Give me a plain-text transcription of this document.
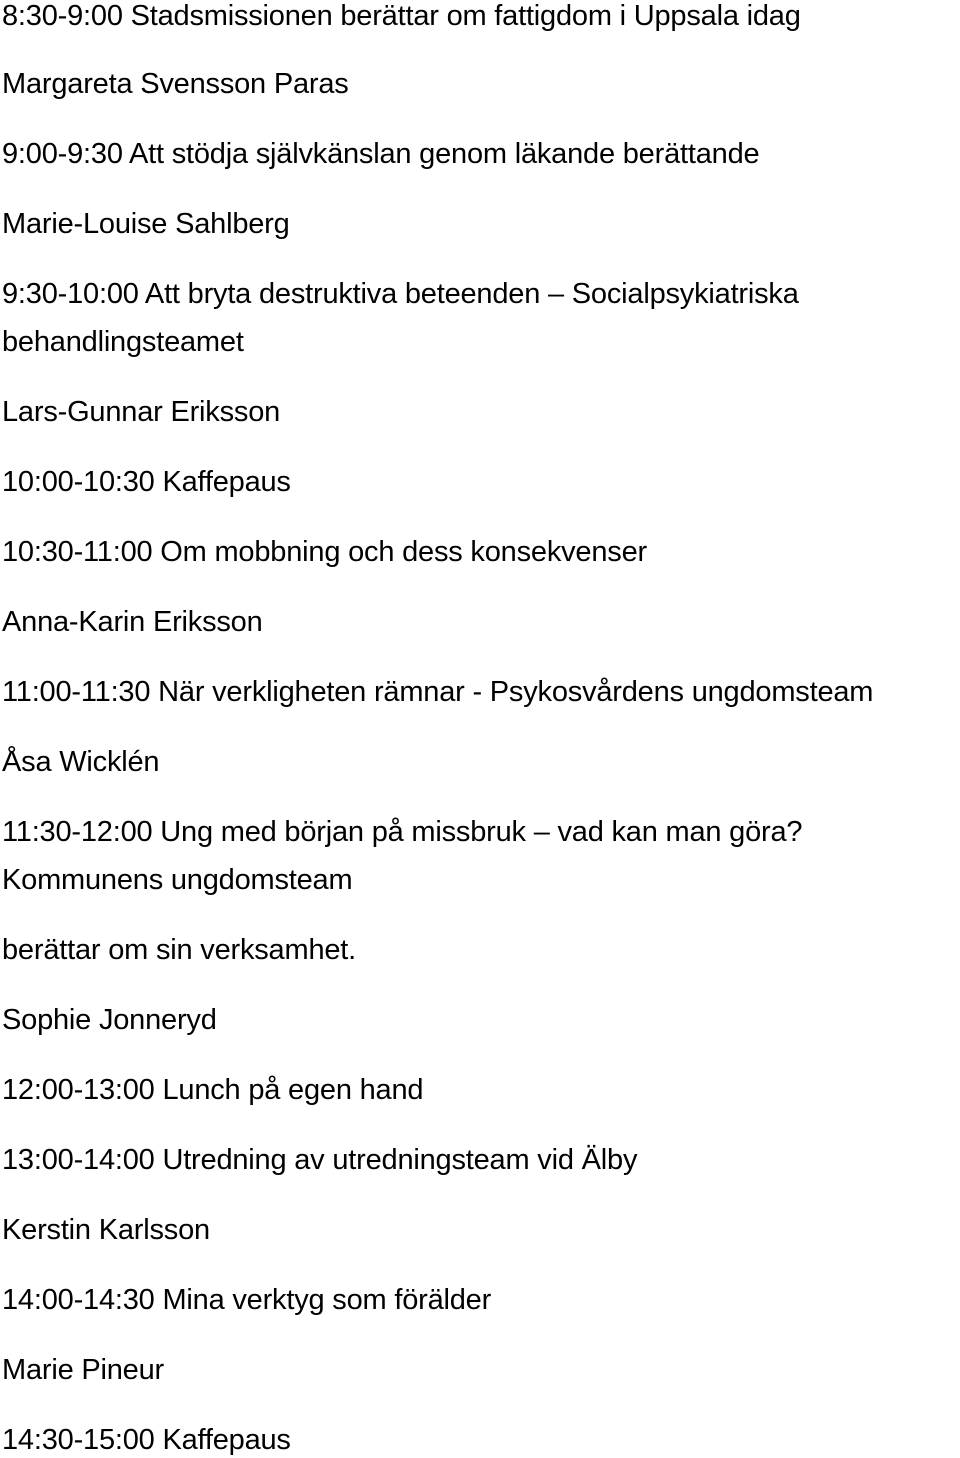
8:30-9:00 Stadsmissionen berättar om fattigdom i Uppsala idag
Margareta Svensson Paras
9:00-9:30 Att stödja självkänslan genom läkande berättande
Marie-Louise Sahlberg
9:30-10:00 Att bryta destruktiva beteenden – Socialpsykiatriska
behandlingsteamet
Lars-Gunnar Eriksson
10:00-10:30 Kaffepaus
10:30-11:00 Om mobbning och dess konsekvenser
Anna-Karin Eriksson
11:00-11:30 När verkligheten rämnar - Psykosvårdens ungdomsteam
Åsa Wicklén
11:30-12:00 Ung med början på missbruk – vad kan man göra?
Kommunens ungdomsteam
berättar om sin verksamhet.
Sophie Jonneryd
12:00-13:00 Lunch på egen hand
13:00-14:00 Utredning av utredningsteam vid Älby
Kerstin Karlsson
14:00-14:30 Mina verktyg som förälder
Marie Pineur
14:30-15:00 Kaffepaus
